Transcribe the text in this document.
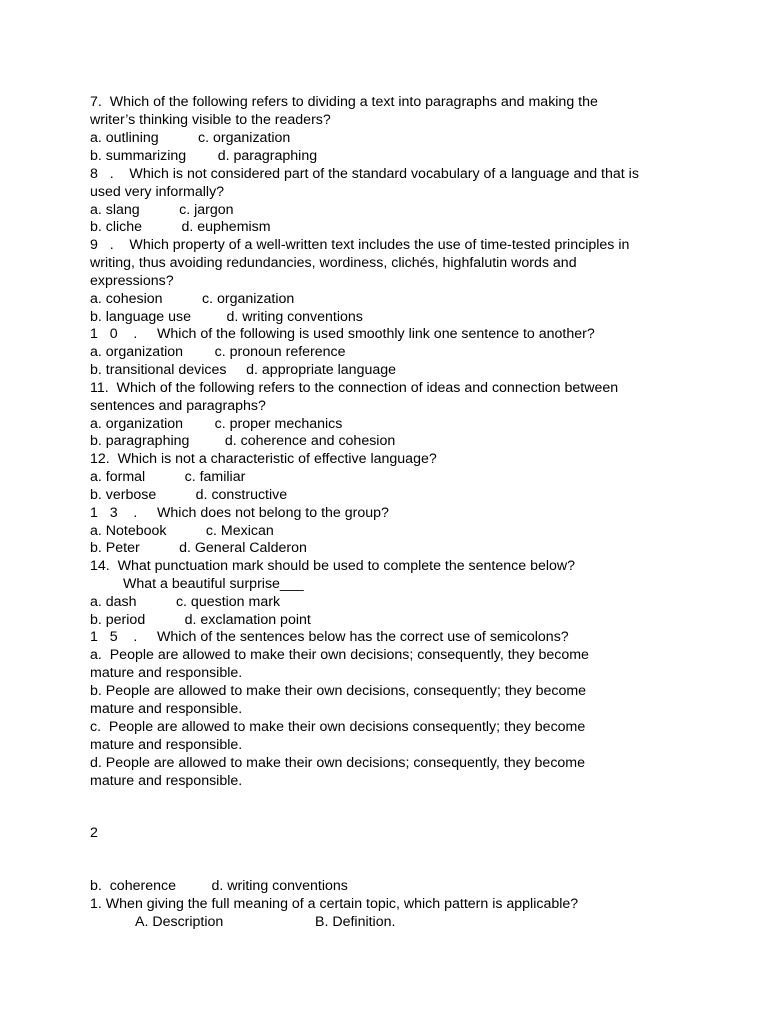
7.  Which of the following refers to dividing a text into paragraphs and making the
writer’s thinking visible to the readers?
a. outlining          c. organization
b. summarizing        d. paragraphing
8   .    Which is not considered part of the standard vocabulary of a language and that is
used very informally?
a. slang          c. jargon
b. cliche          d. euphemism
9   .    Which property of a well-written text includes the use of time-tested principles in
writing, thus avoiding redundancies, wordiness, clichés, highfalutin words and
expressions?
a. cohesion          c. organization
b. language use         d. writing conventions
1   0    .     Which of the following is used smoothly link one sentence to another?
a. organization        c. pronoun reference
b. transitional devices     d. appropriate language
11.  Which of the following refers to the connection of ideas and connection between
sentences and paragraphs?
a. organization        c. proper mechanics
b. paragraphing         d. coherence and cohesion
12.  Which is not a characteristic of effective language?
a. formal          c. familiar
b. verbose          d. constructive
1   3    .     Which does not belong to the group?
a. Notebook          c. Mexican
b. Peter          d. General Calderon
14.  What punctuation mark should be used to complete the sentence below?
What a beautiful surprise___
a. dash          c. question mark
b. period          d. exclamation point
1   5    .     Which of the sentences below has the correct use of semicolons?
a.  People are allowed to make their own decisions; consequently, they become
mature and responsible.
b. People are allowed to make their own decisions, consequently; they become
mature and responsible.
c.  People are allowed to make their own decisions consequently; they become
mature and responsible.
d. People are allowed to make their own decisions; consequently, they become
mature and responsible.
2
b.  coherence         d. writing conventions
1. When giving the full meaning of a certain topic, which pattern is applicable?
A. Description	B. Definition.
